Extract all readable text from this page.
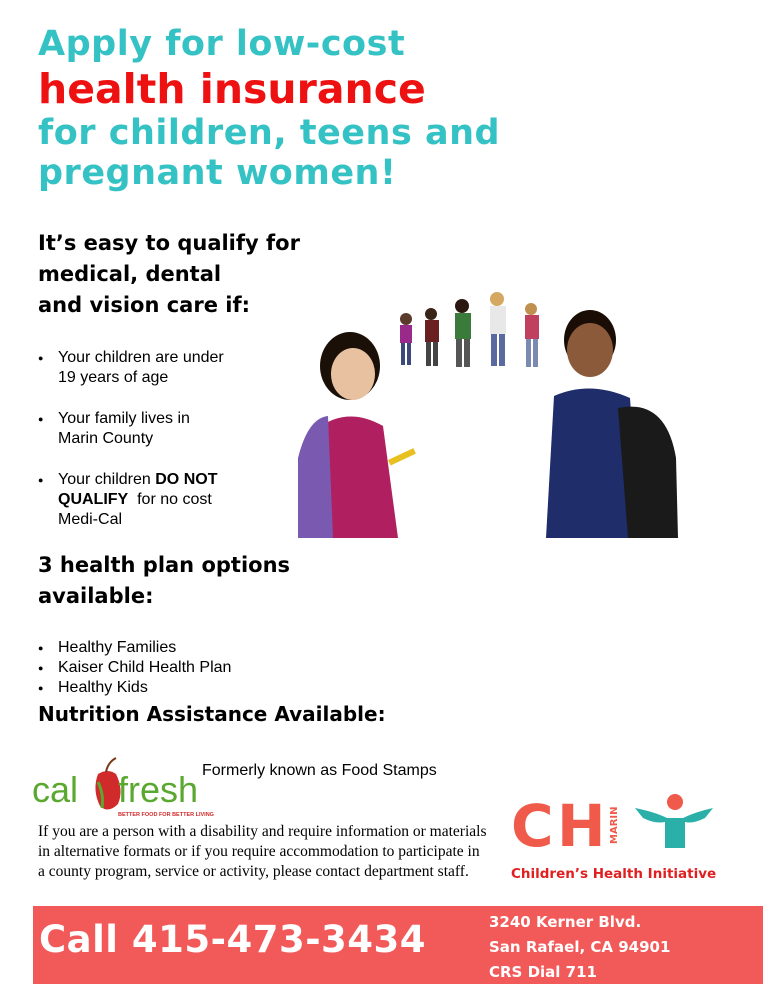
Apply for low-cost
health insurance
for children, teens and
pregnant women!
It’s easy to qualify for
medical, dental
and vision care if:
● Your children are under
19 years of age
● Your family lives in
Marin County
● Your children DO NOT
QUALIFY  for no cost
Medi-Cal
3 health plan options
available:
● Healthy Families
● Kaiser Child Health Plan
● Healthy Kids
Nutrition Assistance Available:
cal fresh
BETTER FOOD FOR BETTER LIVING
Formerly known as Food Stamps
C H MARIN
Children’s Health Initiative
If you are a person with a disability and require information or materials in alternative formats or if you require accommodation to participate in a county program, service or activity, please contact department staff.
Call 415-473-3434	3240 Kerner Blvd.
San Rafael, CA 94901
CRS Dial 711
